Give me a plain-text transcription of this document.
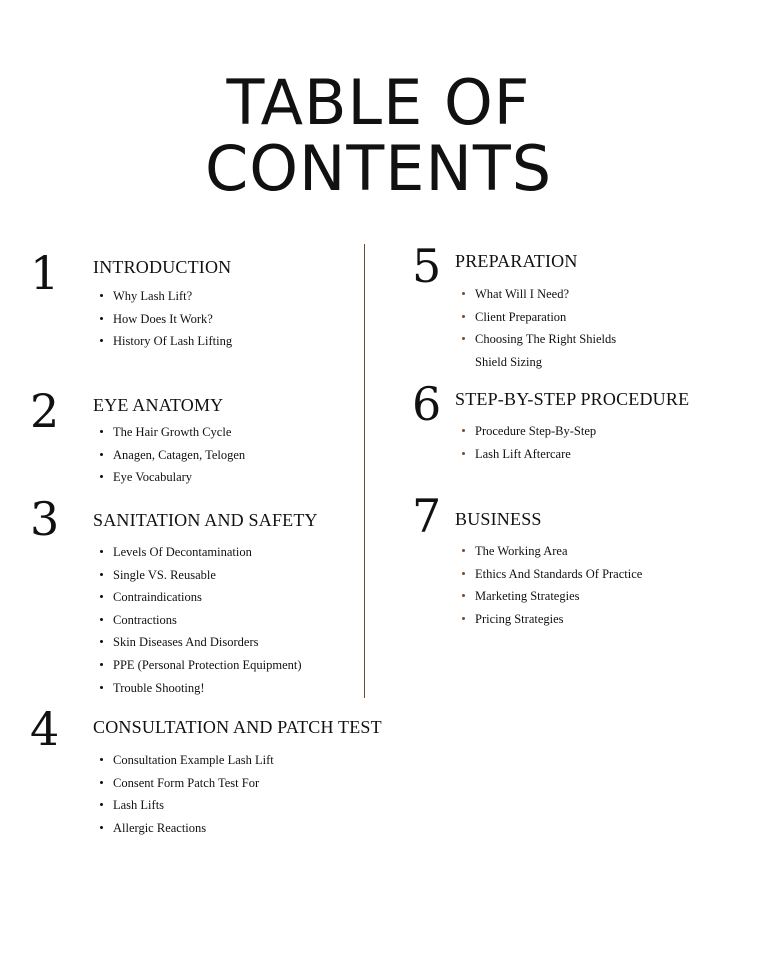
TABLE OF
CONTENTS
1 INTRODUCTION
Why Lash Lift?
How Does It Work?
History Of Lash Lifting
2 EYE ANATOMY
The Hair Growth Cycle
Anagen, Catagen, Telogen
Eye Vocabulary
3 SANITATION AND SAFETY
Levels Of Decontamination
Single VS. Reusable
Contraindications
Contractions
Skin Diseases And Disorders
PPE (Personal Protection Equipment)
Trouble Shooting!
4 CONSULTATION AND PATCH TEST
Consultation Example Lash Lift
Consent Form Patch Test For
Lash Lifts
Allergic Reactions
5 PREPARATION
What Will I Need?
Client Preparation
Choosing The Right Shields
Shield Sizing
6 STEP-BY-STEP PROCEDURE
Procedure Step-By-Step
Lash Lift Aftercare
7 BUSINESS
The Working Area
Ethics And Standards Of Practice
Marketing Strategies
Pricing Strategies
